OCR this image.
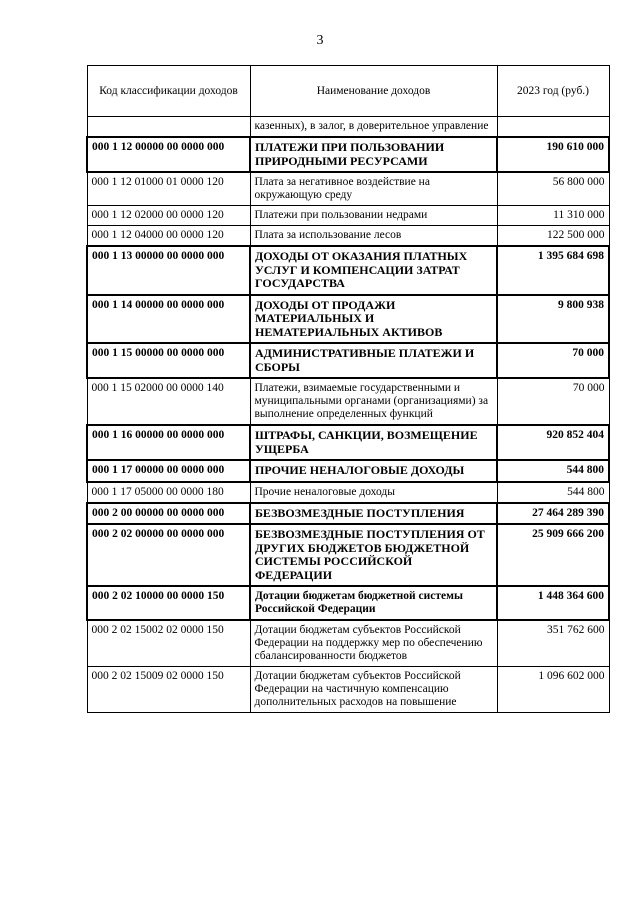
3
Код классификации доходов	Наименование доходов	2023 год (руб.)
	казенных), в залог, в доверительное управление	
000 1 12 00000 00 0000 000	ПЛАТЕЖИ ПРИ ПОЛЬЗОВАНИИ ПРИРОДНЫМИ РЕСУРСАМИ	190 610 000
000 1 12 01000 01 0000 120	Плата за негативное воздействие на окружающую среду	56 800 000
000 1 12 02000 00 0000 120	Платежи при пользовании недрами	11 310 000
000 1 12 04000 00 0000 120	Плата за использование лесов	122 500 000
000 1 13 00000 00 0000 000	ДОХОДЫ ОТ ОКАЗАНИЯ ПЛАТНЫХ УСЛУГ И КОМПЕНСАЦИИ ЗАТРАТ ГОСУДАРСТВА	1 395 684 698
000 1 14 00000 00 0000 000	ДОХОДЫ ОТ ПРОДАЖИ МАТЕРИАЛЬНЫХ И НЕМАТЕРИАЛЬНЫХ АКТИВОВ	9 800 938
000 1 15 00000 00 0000 000	АДМИНИСТРАТИВНЫЕ ПЛАТЕЖИ И СБОРЫ	70 000
000 1 15 02000 00 0000 140	Платежи, взимаемые государственными и муниципальными органами (организациями) за выполнение определенных функций	70 000
000 1 16 00000 00 0000 000	ШТРАФЫ, САНКЦИИ, ВОЗМЕЩЕНИЕ УЩЕРБА	920 852 404
000 1 17 00000 00 0000 000	ПРОЧИЕ НЕНАЛОГОВЫЕ ДОХОДЫ	544 800
000 1 17 05000 00 0000 180	Прочие неналоговые доходы	544 800
000 2 00 00000 00 0000 000	БЕЗВОЗМЕЗДНЫЕ ПОСТУПЛЕНИЯ	27 464 289 390
000 2 02 00000 00 0000 000	БЕЗВОЗМЕЗДНЫЕ ПОСТУПЛЕНИЯ ОТ ДРУГИХ БЮДЖЕТОВ БЮДЖЕТНОЙ СИСТЕМЫ РОССИЙСКОЙ ФЕДЕРАЦИИ	25 909 666 200
000 2 02 10000 00 0000 150	Дотации бюджетам бюджетной системы Российской Федерации	1 448 364 600
000 2 02 15002 02 0000 150	Дотации бюджетам субъектов Российской Федерации на поддержку мер по обеспечению сбалансированности бюджетов	351 762 600
000 2 02 15009 02 0000 150	Дотации бюджетам субъектов Российской Федерации на частичную компенсацию дополнительных расходов на повышение	1 096 602 000
